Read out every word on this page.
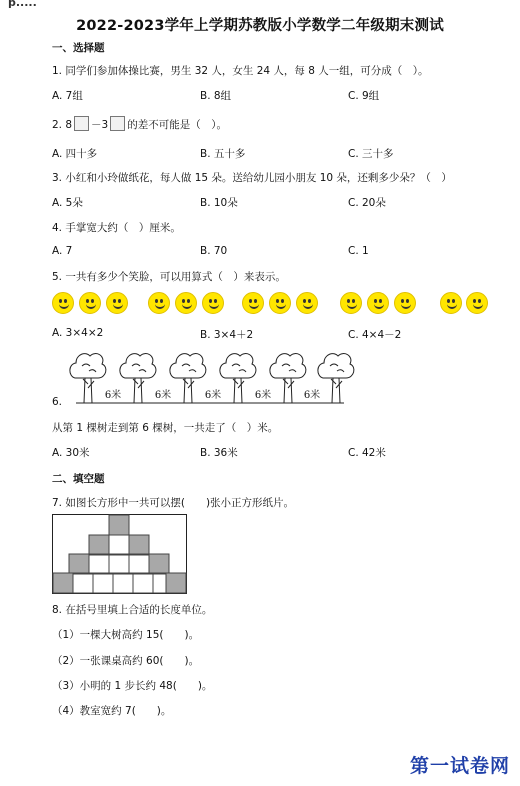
p.....
2022-2023学年上学期苏教版小学数学二年级期末测试
一、选择题
1. 同学们参加体操比赛，男生 32 人，女生 24 人，每 8 人一组，可分成（　）。
A. 7组	B. 8组	C. 9组
2. 8 －3 的差不可能是（　）。
A. 四十多	B. 五十多	C. 三十多
3. 小红和小玲做纸花，每人做 15 朵。送给幼儿园小朋友 10 朵，还剩多少朵？（　）
A. 5朵	B. 10朵	C. 20朵
4. 手掌宽大约（　）厘米。
A. 7	B. 70	C. 1
5. 一共有多少个笑脸，可以用算式（　）来表示。
A. 3×4×2	B. 3×4＋2	C. 4×4－2
6米	6米	6米	6米	6米
6.
从第 1 棵树走到第 6 棵树，一共走了（　）米。
A. 30米	B. 36米	C. 42米
二、填空题
7. 如图长方形中一共可以摆(　　)张小正方形纸片。
8. 在括号里填上合适的长度单位。
（1）一棵大树高约 15(　　)。
（2）一张课桌高约 60(　　)。
（3）小明的 1 步长约 48(　　)。
（4）教室宽约 7(　　)。
第一试卷网
